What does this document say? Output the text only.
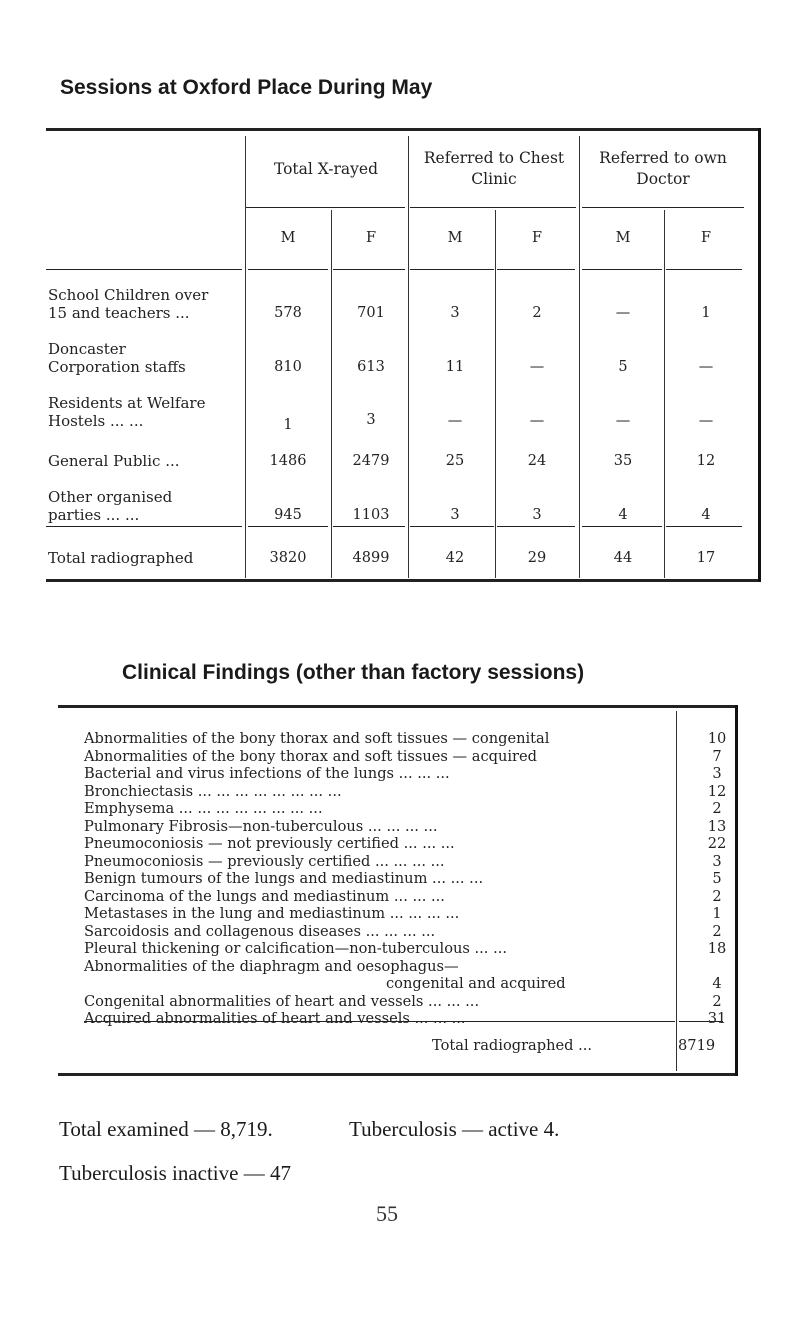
Sessions at Oxford Place During May
Total X-rayed
Referred to Chest Clinic
Referred to own Doctor
M	F	M	F	M	F
School Children over
15 and teachers ...	578	701	3	2	—	1
Doncaster
Corporation staffs	810	613	11	—	5	—
Residents at Welfare
Hostels ... ...	1	3	—	—	—	—
General Public ...	1486	2479	25	24	35	12
Other organised
parties ... ...	945	1103	3	3	4	4
Total radiographed	3820	4899	42	29	44	17
Clinical Findings (other than factory sessions)
Abnormalities of the bony thorax and soft tissues — congenital	10
Abnormalities of the bony thorax and soft tissues — acquired	7
Bacterial and virus infections of the lungs ... ... ...	3
Bronchiectasis ... ... ... ... ... ... ... ...	12
Emphysema ... ... ... ... ... ... ... ...	2
Pulmonary Fibrosis—non-tuberculous ... ... ... ...	13
Pneumoconiosis — not previously certified ... ... ...	22
Pneumoconiosis — previously certified ... ... ... ...	3
Benign tumours of the lungs and mediastinum ... ... ...	5
Carcinoma of the lungs and mediastinum ... ... ...	2
Metastases in the lung and mediastinum ... ... ... ...	1
Sarcoidosis and collagenous diseases ... ... ... ...	2
Pleural thickening or calcification—non-tuberculous ... ...	18
Abnormalities of the diaphragm and oesophagus—
congenital and acquired	4
Congenital abnormalities of heart and vessels ... ... ...	2
Acquired abnormalities of heart and vessels ... ... ...	31
Total radiographed ...	8719

Total examined — 8,719.	Tuberculosis — active 4.

Tuberculosis inactive — 47

55
